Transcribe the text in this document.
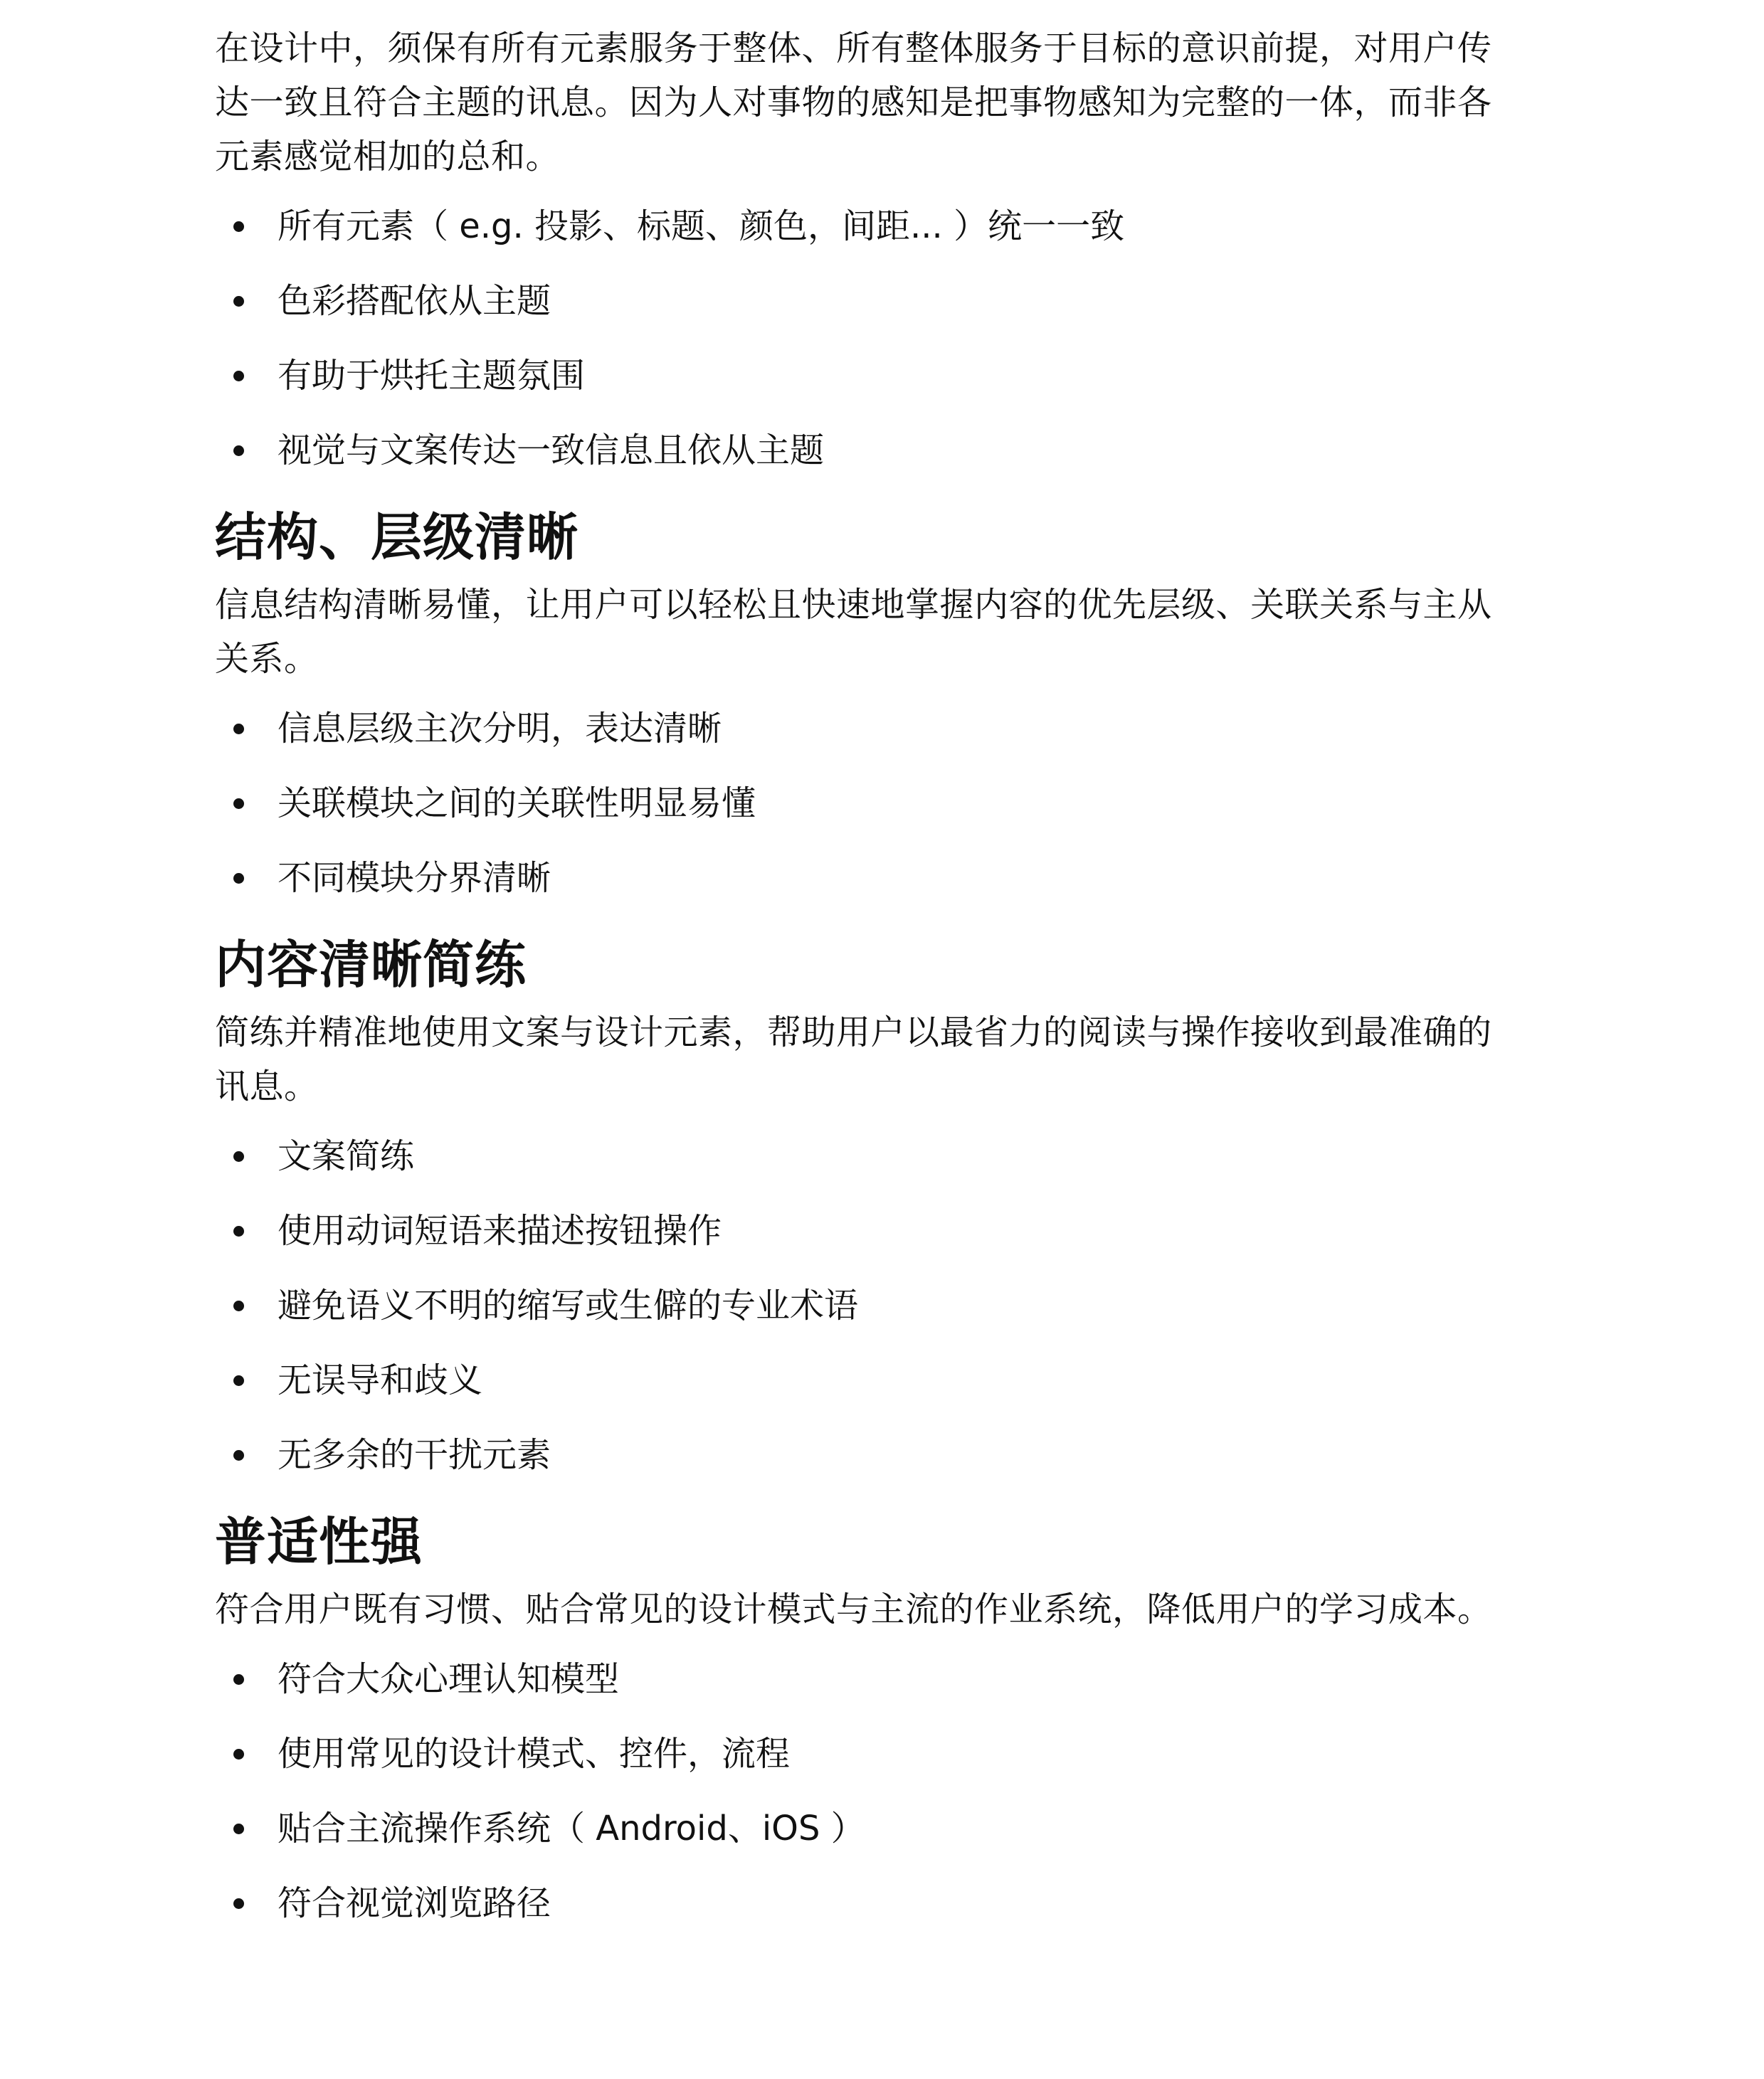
在设计中，须保有所有元素服务于整体、所有整体服务于目标的意识前提，对用户传
达一致且符合主题的讯息。因为人对事物的感知是把事物感知为完整的一体，而非各
元素感觉相加的总和。

所有元素（ e.g. 投影、标题、颜色，间距... ）统一一致
色彩搭配依从主题
有助于烘托主题氛围
视觉与文案传达一致信息且依从主题
结构、层级清晰

信息结构清晰易懂，让用户可以轻松且快速地掌握内容的优先层级、关联关系与主从
关系。

信息层级主次分明，表达清晰
关联模块之间的关联性明显易懂
不同模块分界清晰
内容清晰简练

简练并精准地使用文案与设计元素，帮助用户以最省力的阅读与操作接收到最准确的
讯息。

文案简练
使用动词短语来描述按钮操作
避免语义不明的缩写或生僻的专业术语
无误导和歧义
无多余的干扰元素
普适性强

符合用户既有习惯、贴合常见的设计模式与主流的作业系统，降低用户的学习成本。

符合大众心理认知模型
使用常见的设计模式、控件，流程
贴合主流操作系统（ Android、iOS ）
符合视觉浏览路径
